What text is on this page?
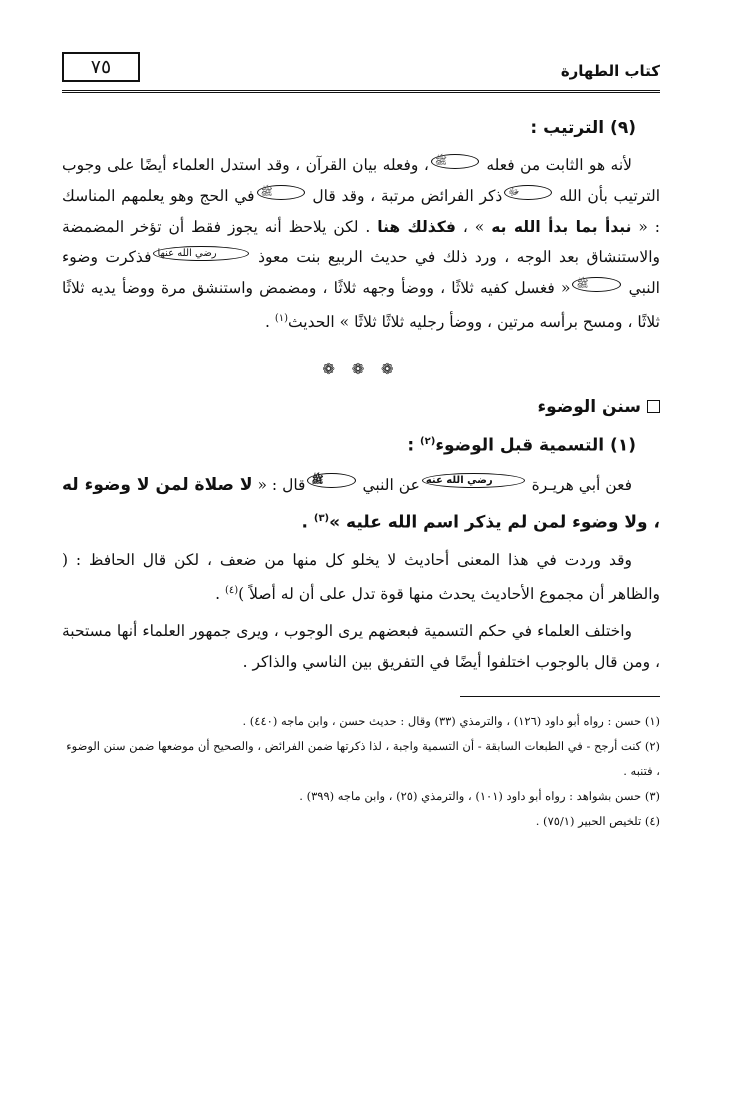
كتاب الطهارة
٧٥
(٩) الترتيب :

لأنه هو الثابت من فعله ﷺ، وفعله بيان القرآن ، وقد استدل العلماء أيضًا على وجوب الترتيب بأن الله ﷻذكر الفرائض مرتبة ، وقد قال ﷺفي الحج وهو يعلمهم المناسك : « نبدأ بما بدأ الله به » ، فكذلك هنا . لكن يلاحظ أنه يجوز فقط أن تؤخر المضمضة والاستنشاق بعد الوجه ، ورد ذلك في حديث الربيع بنت معوذ رضي الله عنهافذكرت وضوء النبي ﷺ« فغسل كفيه ثلاثًا ، ووضأ وجهه ثلاثًا ، ومضمض واستنشق مرة ووضأ يديه ثلاثًا ثلاثًا ، ومسح برأسه مرتين ، ووضأ رجليه ثلاثًا ثلاثًا » الحديث$^{(١)}$ .

❁ ❁ ❁
سنن الوضوء
(١) التسمية قبل الوضوء$^{(٢)}$ :

فعن أبي هريـرة رضي الله عنهعن النبي ﷺقال : « لا صلاة لمن لا وضوء له ، ولا وضوء لمن لم يذكر اسم الله عليه »$^{(٣)}$ .

وقد وردت في هذا المعنى أحاديث لا يخلو كل منها من ضعف ، لكن قال الحافظ : ( والظاهر أن مجموع الأحاديث يحدث منها قوة تدل على أن له أصلاً )$^{(٤)}$ .

واختلف العلماء في حكم التسمية فبعضهم يرى الوجوب ، ويرى جمهور العلماء أنها مستحبة ، ومن قال بالوجوب اختلفوا أيضًا في التفريق بين الناسي والذاكر .

(١) حسن : رواه أبو داود (١٢٦) ، والترمذي (٣٣) وقال : حديث حسن ، وابن ماجه (٤٤٠) .

(٢) كنت أرجح - في الطبعات السابقة - أن التسمية واجبة ، لذا ذكرتها ضمن الفرائض ، والصحيح أن موضعها ضمن سنن الوضوء ، فتنبه .

(٣) حسن بشواهد : رواه أبو داود (١٠١) ، والترمذي (٢٥) ، وابن ماجه (٣٩٩) .

(٤) تلخيص الحبير (٧٥/١) .
